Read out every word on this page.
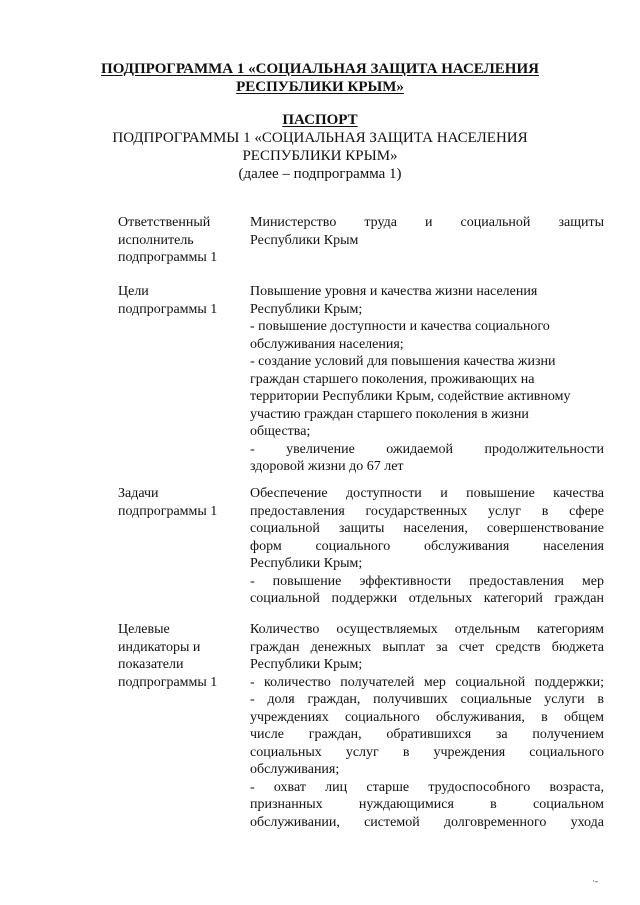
ПОДПРОГРАММА 1 «СОЦИАЛЬНАЯ ЗАЩИТА НАСЕЛЕНИЯ
РЕСПУБЛИКИ КРЫМ»
ПАСПОРТ
ПОДПРОГРАММЫ 1 «СОЦИАЛЬНАЯ ЗАЩИТА НАСЕЛЕНИЯ
РЕСПУБЛИКИ КРЫМ»
(далее – подпрограмма 1)
Ответственный
исполнитель
подпрограммы 1
Министерство труда и социальной защиты
Республики Крым
Цели
подпрограммы 1
Повышение уровня и качества жизни населения
Республики Крым;
- повышение доступности и качества социального
обслуживания населения;
- создание условий для повышения качества жизни
граждан старшего поколения, проживающих на
территории Республики Крым, содействие активному
участию граждан старшего поколения в жизни
общества;
- увеличение ожидаемой продолжительности
здоровой жизни до 67 лет
Задачи
подпрограммы 1
Обеспечение доступности и повышение качества
предоставления государственных услуг в сфере
социальной защиты населения, совершенствование
форм социального обслуживания населения
Республики Крым;
- повышение эффективности предоставления мер
социальной поддержки отдельных категорий граждан
Целевые
индикаторы и
показатели
подпрограммы 1
Количество осуществляемых отдельным категориям
граждан денежных выплат за счет средств бюджета
Республики Крым;
- количество получателей мер социальной поддержки;
- доля граждан, получивших социальные услуги в
учреждениях социального обслуживания, в общем
числе граждан, обратившихся за получением
социальных услуг в учреждения социального
обслуживания;
- охват лиц старше трудоспособного возраста,
признанных нуждающимися в социальном
обслуживании, системой долговременного ухода
·-
